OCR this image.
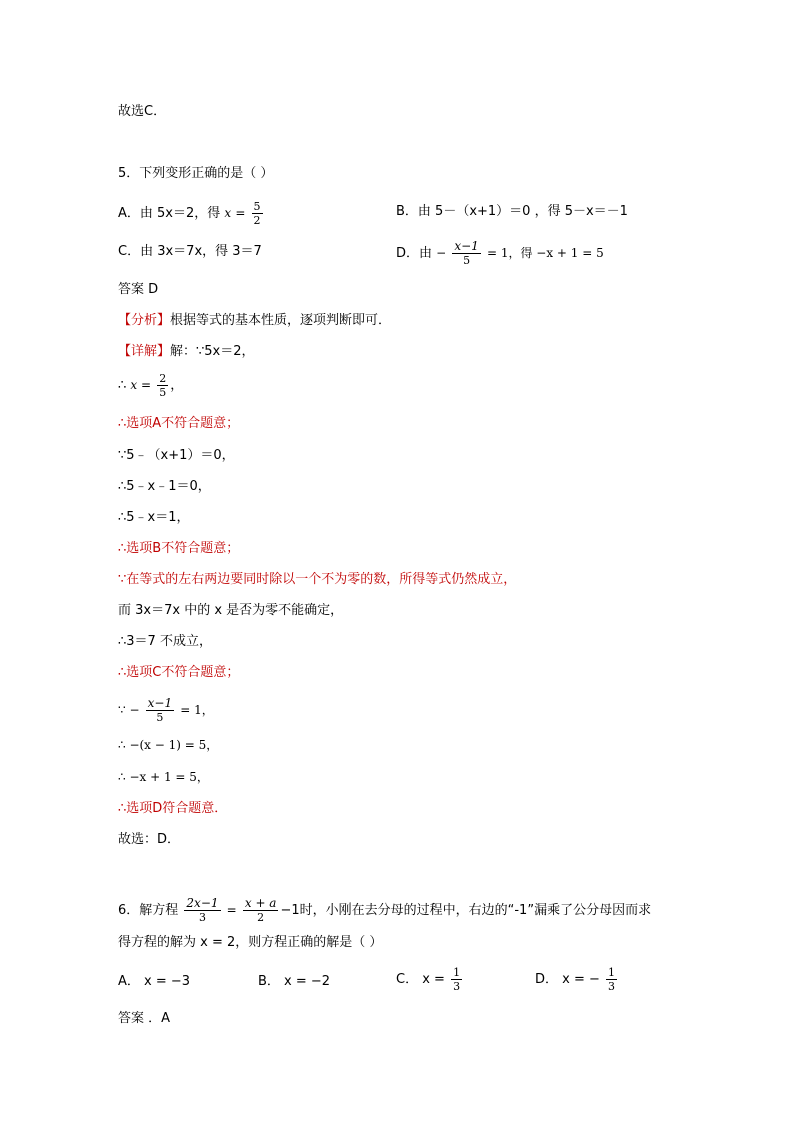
故选C．
5．下列变形正确的是（ ）
A．由 5x＝2，得 $x = \frac{5}{2}$	B．由 5－（x+1）＝0 ，得 5－x＝－1
C．由 3x＝7x，得 3＝7	D．由 − $\frac{x-1}{5} = 1$，得 −x + 1 = 5
答案 D
【分析】根据等式的基本性质，逐项判断即可．
【详解】解：∵5x＝2，
∴ $x = \frac{2}{5}$ ，
∴选项A不符合题意；
∵5﹣（x+1）＝0，
∴5﹣x﹣1＝0，
∴5﹣x＝1，
∴选项B不符合题意；
∵在等式的左右两边要同时除以一个不为零的数，所得等式仍然成立，
而 3x＝7x 中的 x 是否为零不能确定，
∴3＝7 不成立，
∴选项C不符合题意；
∵ − $\frac{x-1}{5} = 1$，
∴ −(x − 1) = 5，
∴ −x + 1 = 5，
∴选项D符合题意．
故选：D．
6．解方程 $\frac{2x-1}{3} = \frac{x + a}{2} -1$时，小刚在去分母的过程中，右边的“-1”漏乘了公分母因而求
得方程的解为 x = 2，则方程正确的解是（ ）
A． x = −3	B． x = −2	C． $x = \frac{1}{3}$	D． x = − $\frac{1}{3}$
答案 ．A
